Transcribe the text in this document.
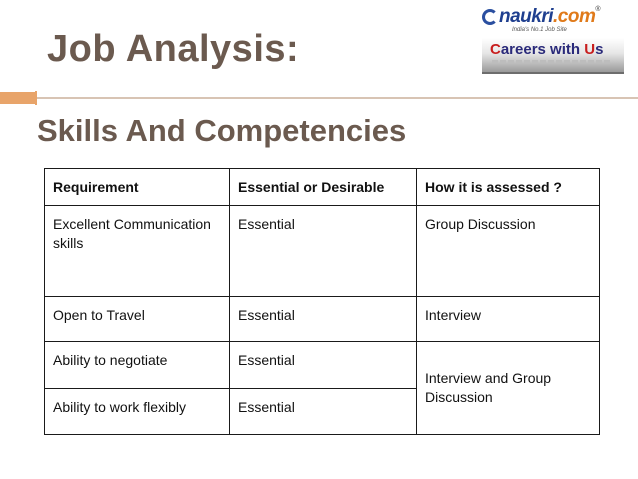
Job Analysis:
naukri.com®
India's No.1 Job Site
Careers with Us
Skills And Competencies
Requirement	Essential or Desirable	How it is assessed ?
Excellent Communication skills	Essential	Group Discussion
Open to Travel	Essential	Interview
Ability to negotiate	Essential	Interview and Group Discussion
Ability to work flexibly	Essential	
